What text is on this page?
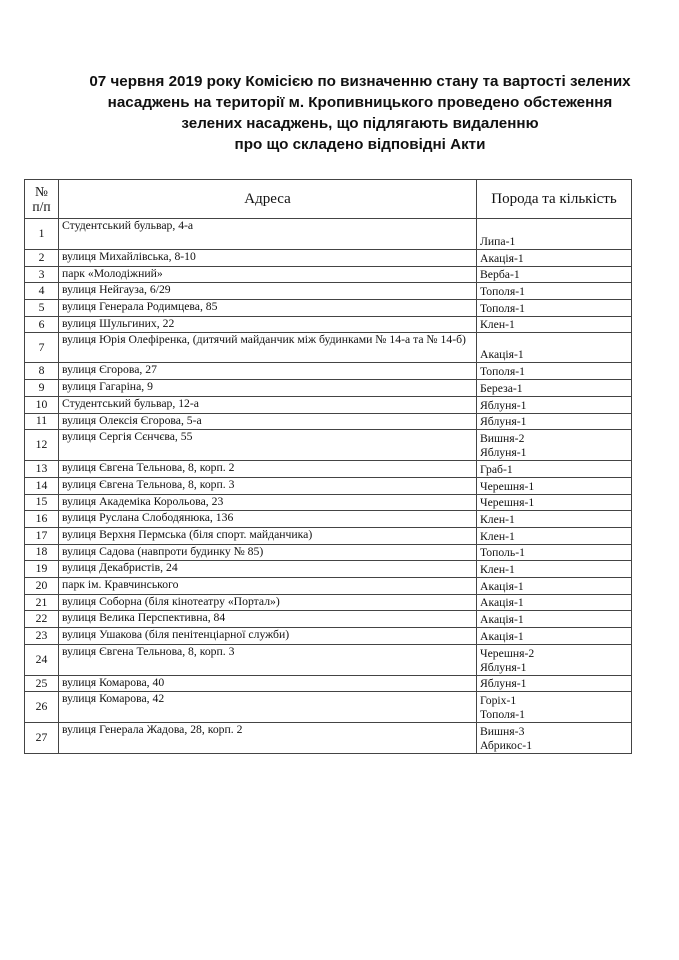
07 червня 2019 року Комісією по визначенню стану та вартості зелених
насаджень на території м. Кропивницького проведено обстеження
зелених насаджень, що підлягають видаленню
про що складено відповідні Акти
№
п/п	Адреса	Порода та кількість
1	Студентський бульвар, 4-а	Липа-1

2	вулиця Михайлівська, 8-10	Акація-1

3	парк «Молодіжний»	Верба-1

4	вулиця Нейгауза, 6/29	Тополя-1

5	вулиця Генерала Родимцева, 85	Тополя-1

6	вулиця Шульгиних, 22	Клен-1

7	вулиця Юрія Олефіренка, (дитячий майданчик між будинками № 14-а та № 14-б)	Акація-1

8	вулиця Єгорова, 27	Тополя-1

9	вулиця Гагаріна, 9	Береза-1

10	Студентський бульвар, 12-а	Яблуня-1

11	вулиця Олексія Єгорова, 5-а	Яблуня-1

12	вулиця Сергія Сєнчєва, 55	Вишня-2
Яблуня-1

13	вулиця Євгена Тельнова, 8, корп. 2	Граб-1

14	вулиця Євгена Тельнова, 8, корп. 3	Черешня-1

15	вулиця Академіка Корольова, 23	Черешня-1

16	вулиця Руслана Слободянюка, 136	Клен-1

17	вулиця Верхня Пермська (біля спорт. майданчика)	Клен-1

18	вулиця Садова (навпроти будинку № 85)	Тополь-1

19	вулиця Декабристів, 24	Клен-1

20	парк ім. Кравчинського	Акація-1

21	вулиця Соборна (біля кінотеатру «Портал»)	Акація-1

22	вулиця Велика Перспективна, 84	Акація-1

23	вулиця Ушакова (біля пенітенціарної служби)	Акація-1

24	вулиця Євгена Тельнова, 8, корп. 3	Черешня-2
Яблуня-1

25	вулиця Комарова, 40	Яблуня-1

26	вулиця Комарова, 42	Горіх-1
Тополя-1

27	вулиця Генерала Жадова, 28, корп. 2	Вишня-3
Абрикос-1
